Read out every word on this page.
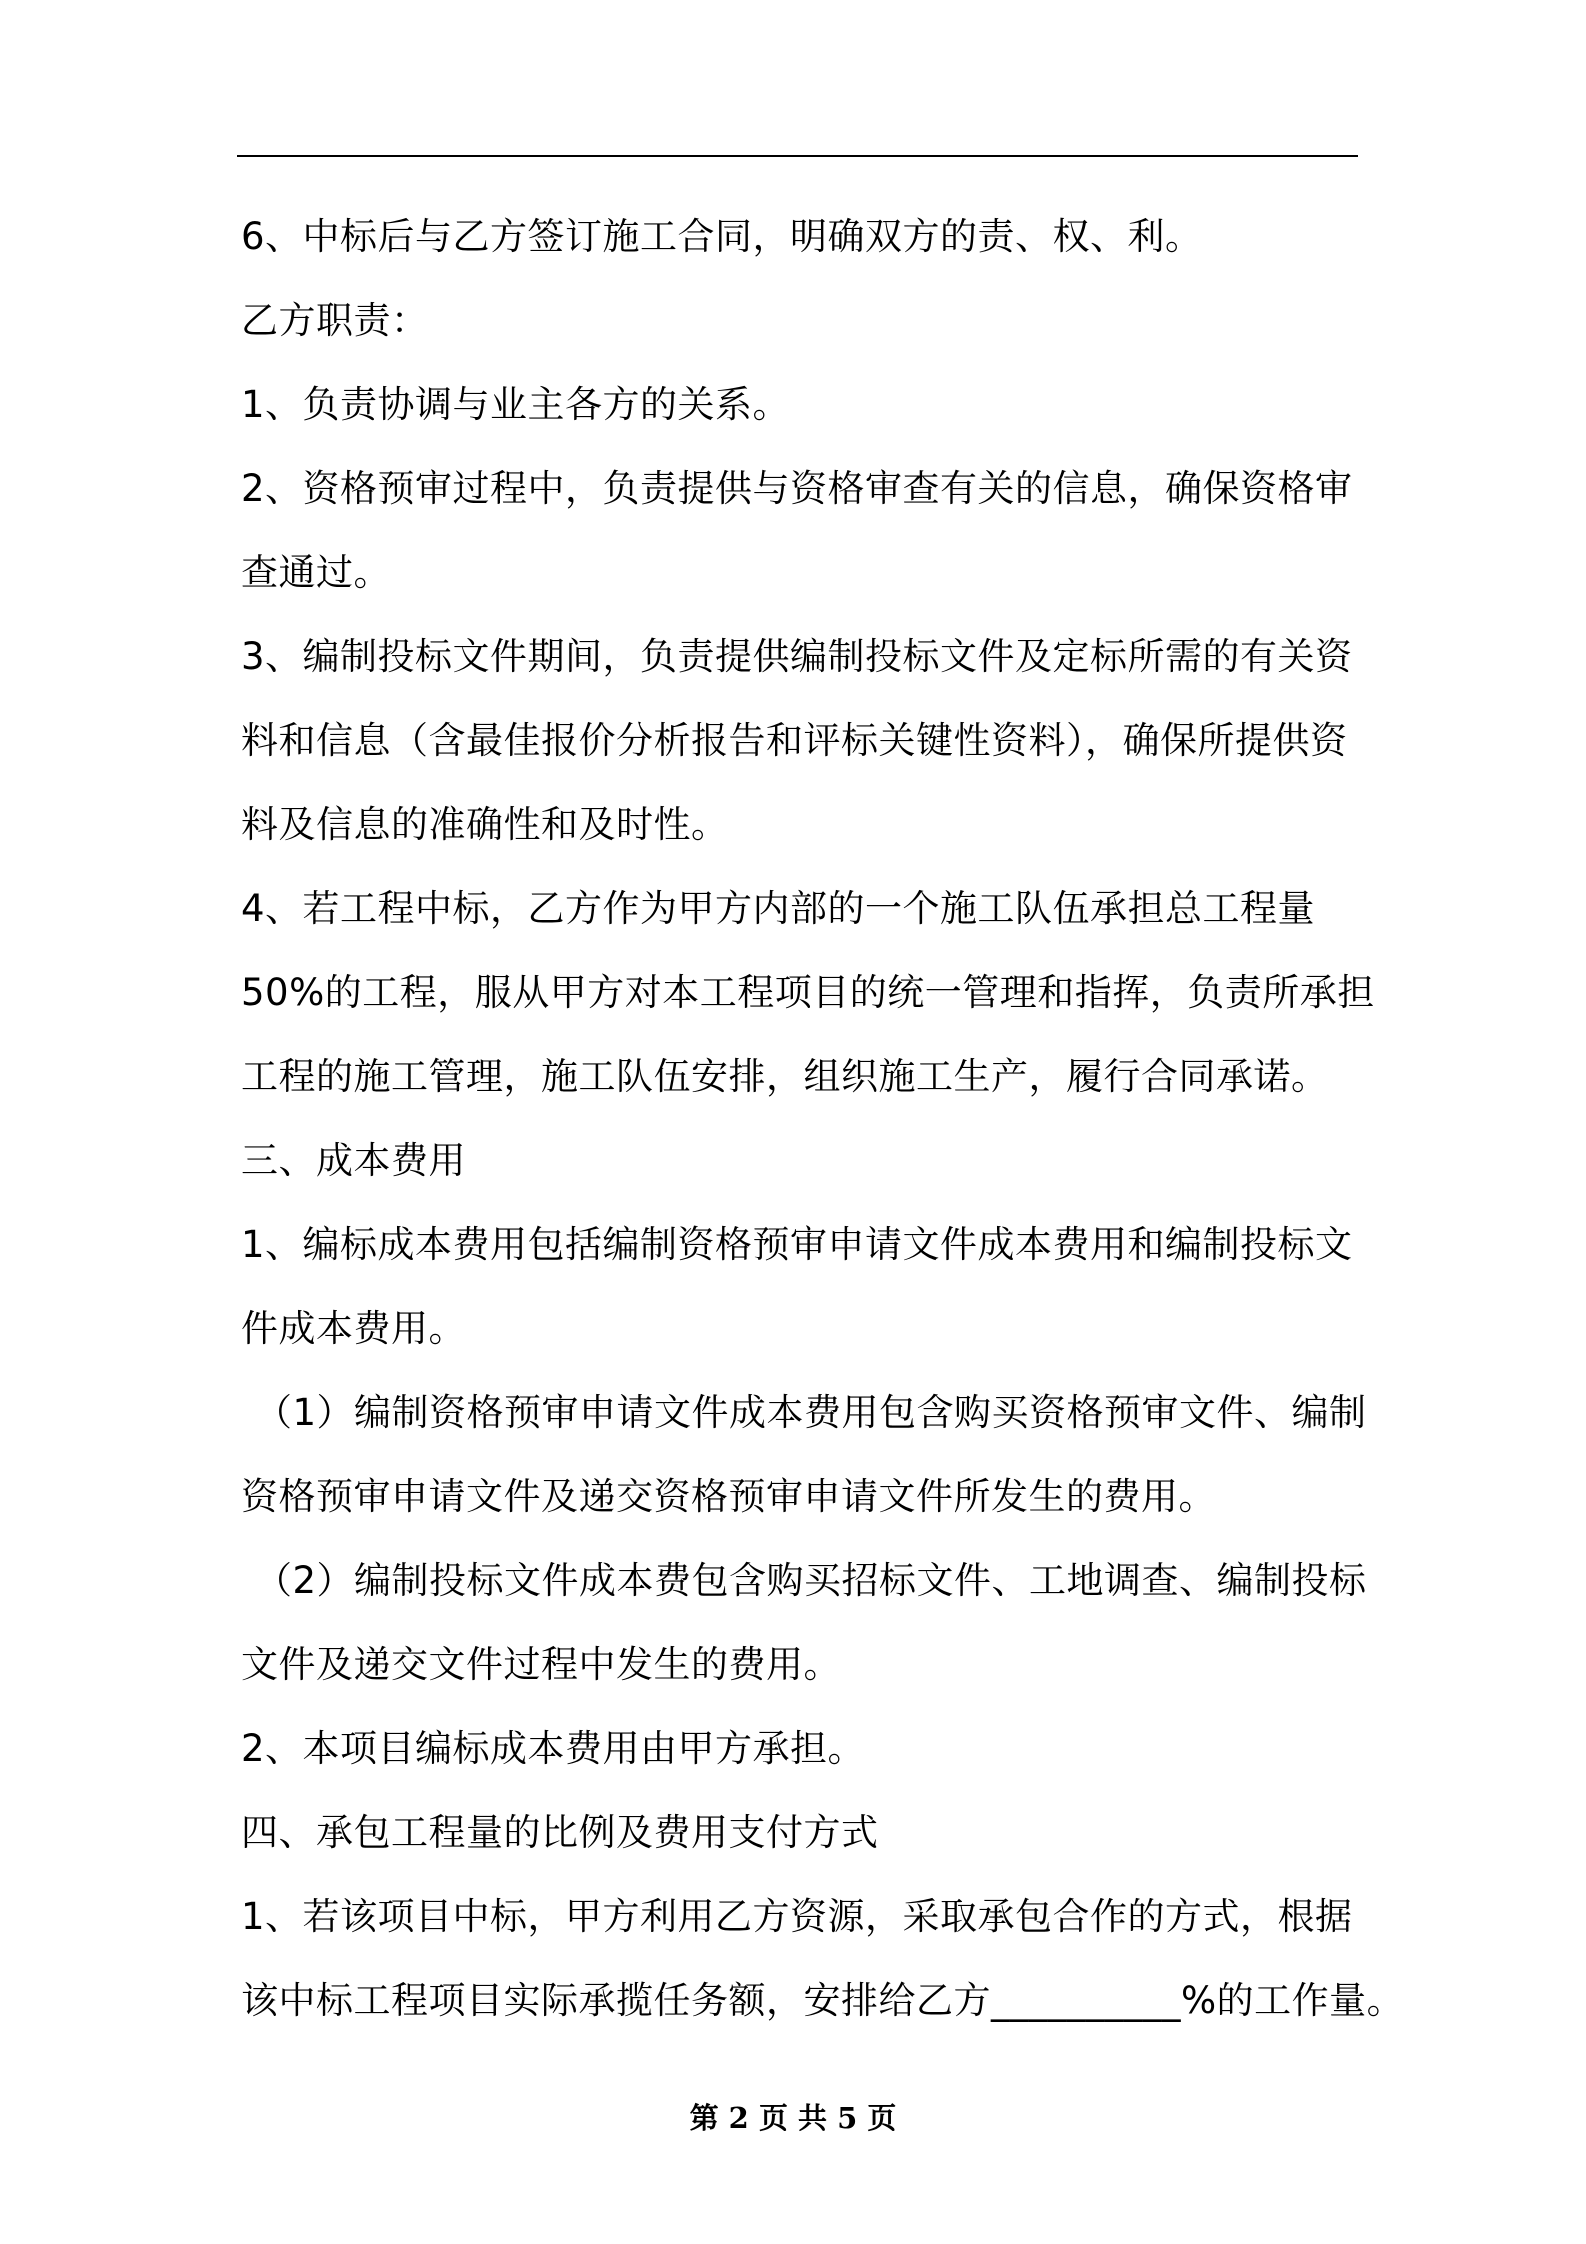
6、中标后与乙方签订施工合同，明确双方的责、权、利。
乙方职责：
1、负责协调与业主各方的关系。
2、资格预审过程中，负责提供与资格审查有关的信息，确保资格审
查通过。
3、编制投标文件期间，负责提供编制投标文件及定标所需的有关资
料和信息（含最佳报价分析报告和评标关键性资料），确保所提供资
料及信息的准确性和及时性。
4、若工程中标，乙方作为甲方内部的一个施工队伍承担总工程量
50%的工程，服从甲方对本工程项目的统一管理和指挥，负责所承担
工程的施工管理，施工队伍安排，组织施工生产，履行合同承诺。
三、成本费用
1、编标成本费用包括编制资格预审申请文件成本费用和编制投标文
件成本费用。
（1）编制资格预审申请文件成本费用包含购买资格预审文件、编制
资格预审申请文件及递交资格预审申请文件所发生的费用。
（2）编制投标文件成本费包含购买招标文件、工地调查、编制投标
文件及递交文件过程中发生的费用。
2、本项目编标成本费用由甲方承担。
四、承包工程量的比例及费用支付方式
1、若该项目中标，甲方利用乙方资源，采取承包合作的方式，根据
该中标工程项目实际承揽任务额，安排给乙方__________%的工作量。
第 2 页 共 5 页
